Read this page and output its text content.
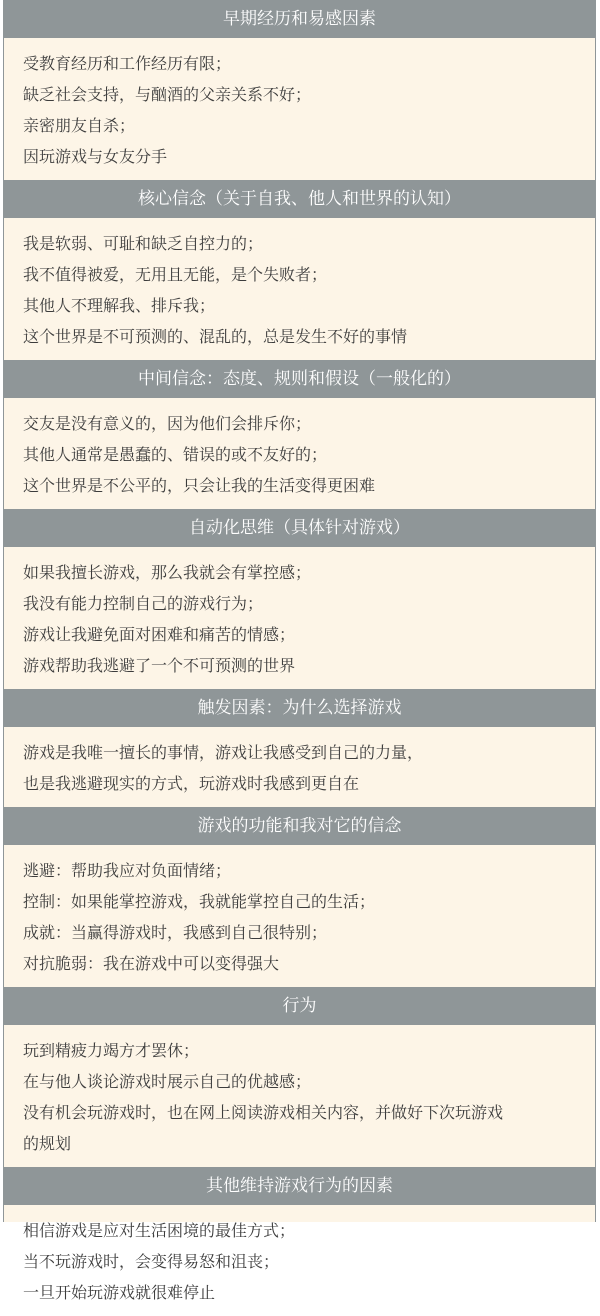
早期经历和易感因素
受教育经历和工作经历有限；
缺乏社会支持，与酗酒的父亲关系不好；
亲密朋友自杀；
因玩游戏与女友分手
核心信念（关于自我、他人和世界的认知）
我是软弱、可耻和缺乏自控力的；
我不值得被爱，无用且无能，是个失败者；
其他人不理解我、排斥我；
这个世界是不可预测的、混乱的，总是发生不好的事情
中间信念：态度、规则和假设（一般化的）
交友是没有意义的，因为他们会排斥你；
其他人通常是愚蠢的、错误的或不友好的；
这个世界是不公平的，只会让我的生活变得更困难
自动化思维（具体针对游戏）
如果我擅长游戏，那么我就会有掌控感；
我没有能力控制自己的游戏行为；
游戏让我避免面对困难和痛苦的情感；
游戏帮助我逃避了一个不可预测的世界
触发因素：为什么选择游戏
游戏是我唯一擅长的事情，游戏让我感受到自己的力量，
也是我逃避现实的方式，玩游戏时我感到更自在
游戏的功能和我对它的信念
逃避：帮助我应对负面情绪；
控制：如果能掌控游戏，我就能掌控自己的生活；
成就：当赢得游戏时，我感到自己很特别；
对抗脆弱：我在游戏中可以变得强大
行为
玩到精疲力竭方才罢休；
在与他人谈论游戏时展示自己的优越感；
没有机会玩游戏时，也在网上阅读游戏相关内容，并做好下次玩游戏
的规划
其他维持游戏行为的因素
相信游戏是应对生活困境的最佳方式；
当不玩游戏时，会变得易怒和沮丧；
一旦开始玩游戏就很难停止
